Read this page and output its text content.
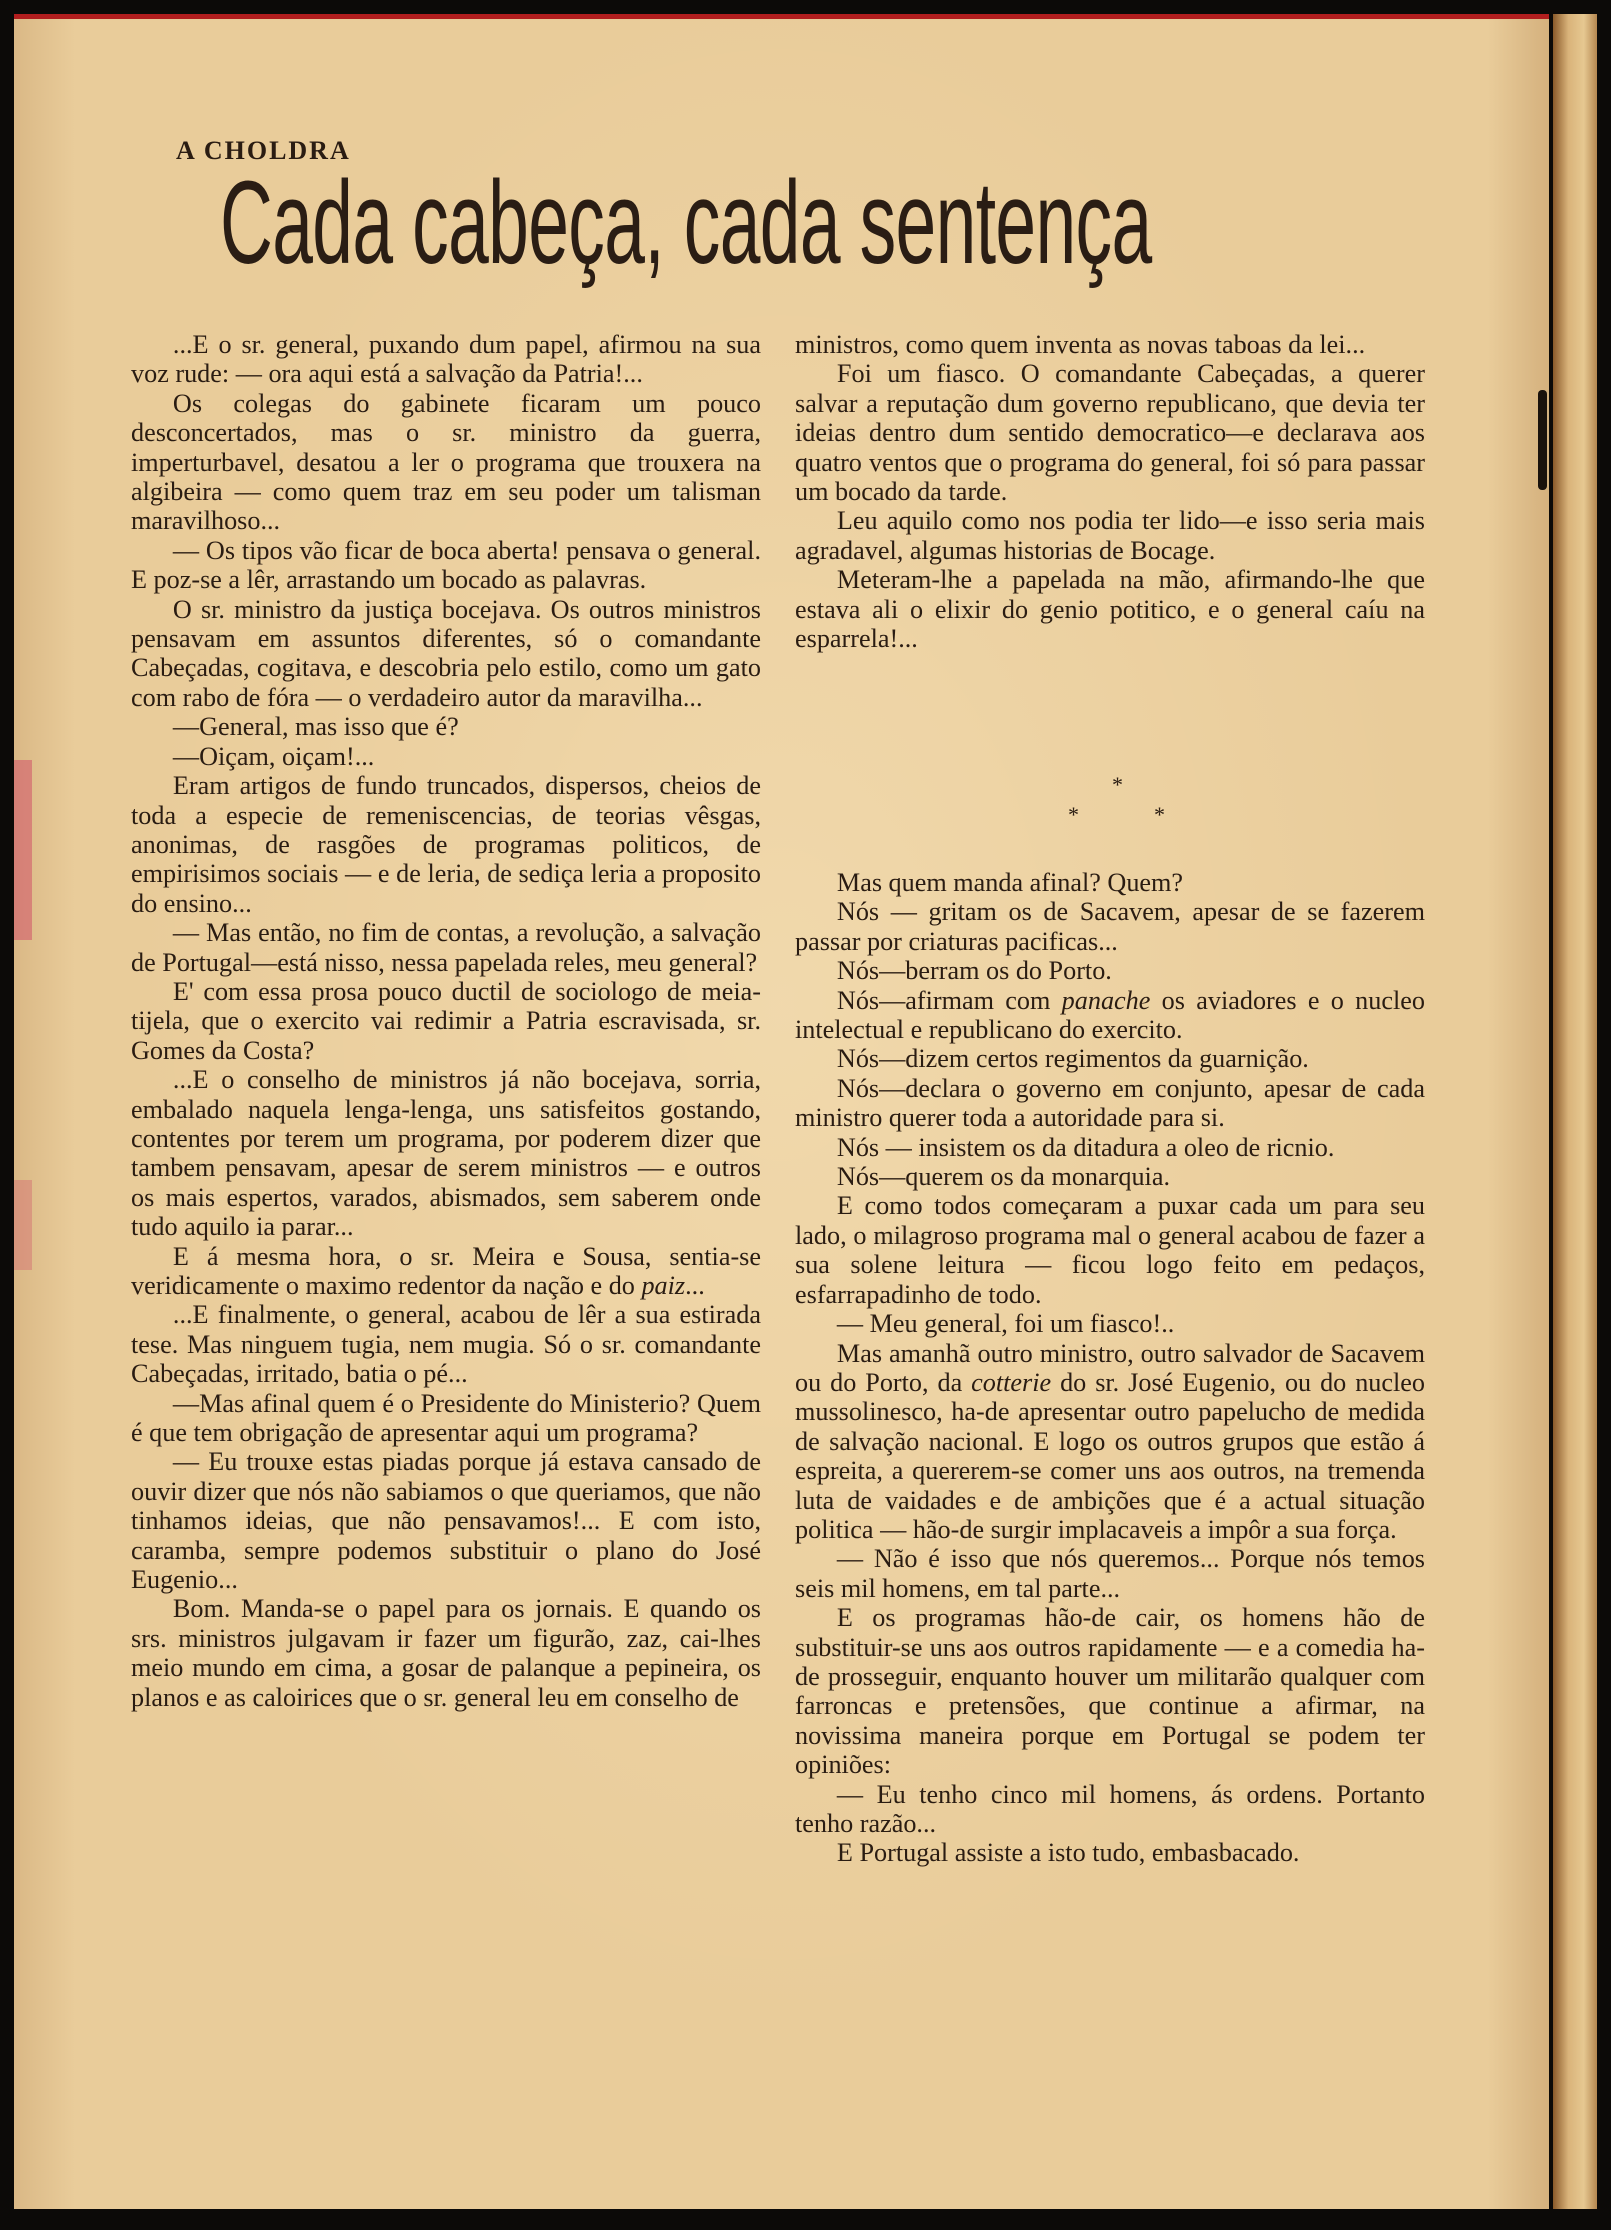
A CHOLDRA
Cada cabeça, cada sentença

...E o sr. general, puxando dum papel, afirmou na sua voz rude: — ora aqui está a salvação da Patria!...

Os colegas do gabinete ficaram um pouco desconcertados, mas o sr. ministro da guerra, imperturbavel, desatou a ler o programa que trouxera na algibeira — como quem traz em seu poder um talisman maravilhoso...

— Os tipos vão ficar de boca aberta! pensava o general. E poz-se a lêr, arrastando um bocado as palavras.

O sr. ministro da justiça bocejava. Os outros ministros pensavam em assuntos diferentes, só o comandante Cabeçadas, cogitava, e descobria pelo estilo, como um gato com rabo de fóra — o verdadeiro autor da maravilha...

—General, mas isso que é?

—Oiçam, oiçam!...

Eram artigos de fundo truncados, dispersos, cheios de toda a especie de remeniscencias, de teorias vêsgas, anonimas, de rasgões de programas politicos, de empirisimos sociais — e de leria, de sediça leria a proposito do ensino...

— Mas então, no fim de contas, a revolução, a salvação de Portugal—está nisso, nessa papelada reles, meu general?

E' com essa prosa pouco ductil de sociologo de meia-tijela, que o exercito vai redimir a Patria escravisada, sr. Gomes da Costa?

...E o conselho de ministros já não bocejava, sorria, embalado naquela lenga-lenga, uns satisfeitos gostando, contentes por terem um programa, por poderem dizer que tambem pensavam, apesar de serem ministros — e outros os mais espertos, varados, abismados, sem saberem onde tudo aquilo ia parar...

E á mesma hora, o sr. Meira e Sousa, sentia-se veridicamente o maximo redentor da nação e do paiz...

...E finalmente, o general, acabou de lêr a sua estirada tese. Mas ninguem tugia, nem mugia. Só o sr. comandante Cabeçadas, irritado, batia o pé...

—Mas afinal quem é o Presidente do Ministerio? Quem é que tem obrigação de apresentar aqui um programa?

— Eu trouxe estas piadas porque já estava cansado de ouvir dizer que nós não sabiamos o que queriamos, que não tinhamos ideias, que não pensavamos!... E com isto, caramba, sempre podemos substituir o plano do José Eugenio...

Bom. Manda-se o papel para os jornais. E quando os srs. ministros julgavam ir fazer um figurão, zaz, cai-lhes meio mundo em cima, a gosar de palanque a pepineira, os planos e as caloirices que o sr. general leu em conselho de

ministros, como quem inventa as novas taboas da lei...

Foi um fiasco. O comandante Cabeçadas, a querer salvar a reputação dum governo republicano, que devia ter ideias dentro dum sentido democratico—e declarava aos quatro ventos que o programa do general, foi só para passar um bocado da tarde.

Leu aquilo como nos podia ter lido—e isso seria mais agradavel, algumas historias de Bocage.

Meteram-lhe a papelada na mão, afirmando-lhe que estava ali o elixir do genio potitico, e o general caíu na esparrela!...

*
*	*

Mas quem manda afinal? Quem?

Nós — gritam os de Sacavem, apesar de se fazerem passar por criaturas pacificas...

Nós—berram os do Porto.

Nós—afirmam com panache os aviadores e o nucleo intelectual e republicano do exercito.

Nós—dizem certos regimentos da guarnição.

Nós—declara o governo em conjunto, apesar de cada ministro querer toda a autoridade para si.

Nós — insistem os da ditadura a oleo de ricnio.

Nós—querem os da monarquia.

E como todos começaram a puxar cada um para seu lado, o milagroso programa mal o general acabou de fazer a sua solene leitura — ficou logo feito em pedaços, esfarrapadinho de todo.

— Meu general, foi um fiasco!..

Mas amanhã outro ministro, outro salvador de Sacavem ou do Porto, da cotterie do sr. José Eugenio, ou do nucleo mussolinesco, ha-de apresentar outro papelucho de medida de salvação nacional. E logo os outros grupos que estão á espreita, a quererem-se comer uns aos outros, na tremenda luta de vaidades e de ambições que é a actual situação politica — hão-de surgir implacaveis a impôr a sua força.

— Não é isso que nós queremos... Porque nós temos seis mil homens, em tal parte...

E os programas hão-de cair, os homens hão de substituir-se uns aos outros rapidamente — e a comedia ha-de prosseguir, enquanto houver um militarão qualquer com farroncas e pretensões, que continue a afirmar, na novissima maneira porque em Portugal se podem ter opiniões:

— Eu tenho cinco mil homens, ás ordens. Portanto tenho razão...

E Portugal assiste a isto tudo, embasbacado.
